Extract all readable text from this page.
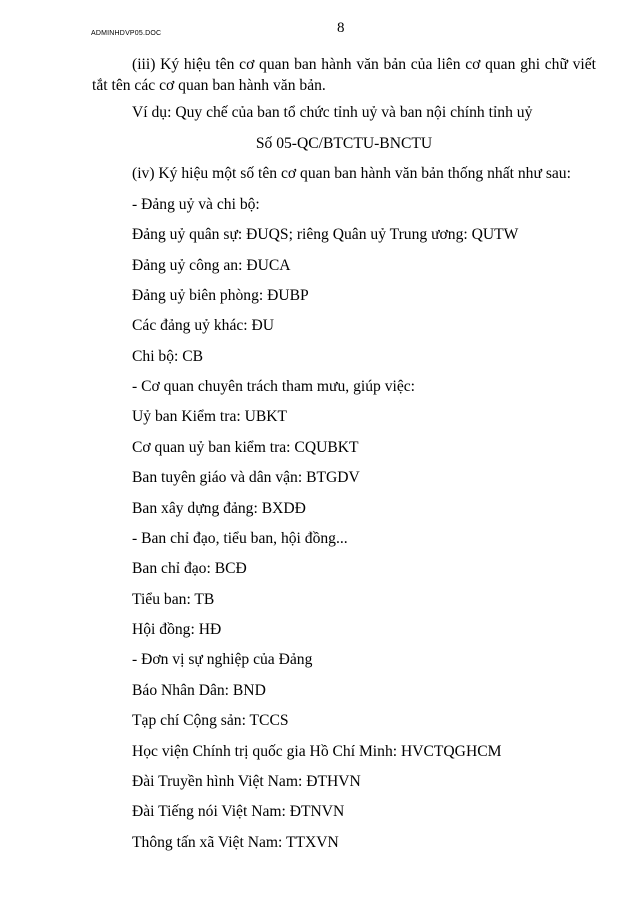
ADMINHDVP05.DOC	8

(iii) Ký hiệu tên cơ quan ban hành văn bản của liên cơ quan ghi chữ viết tắt tên các cơ quan ban hành văn bản.

Ví dụ: Quy chế của ban tổ chức tỉnh uỷ và ban nội chính tỉnh uỷ
Số 05-QC/BTCTU-BNCTU
(iv) Ký hiệu một số tên cơ quan ban hành văn bản thống nhất như sau:
- Đảng uỷ và chi bộ:
Đảng uỷ quân sự: ĐUQS; riêng Quân uỷ Trung ương: QUTW
Đảng uỷ công an: ĐUCA
Đảng uỷ biên phòng: ĐUBP
Các đảng uỷ khác: ĐU
Chi bộ: CB
- Cơ quan chuyên trách tham mưu, giúp việc:
Uỷ ban Kiểm tra: UBKT
Cơ quan uỷ ban kiểm tra: CQUBKT
Ban tuyên giáo và dân vận: BTGDV
Ban xây dựng đảng: BXDĐ
- Ban chỉ đạo, tiểu ban, hội đồng...
Ban chỉ đạo: BCĐ
Tiểu ban: TB
Hội đồng: HĐ
- Đơn vị sự nghiệp của Đảng
Báo Nhân Dân: BND
Tạp chí Cộng sản: TCCS
Học viện Chính trị quốc gia Hồ Chí Minh: HVCTQGHCM
Đài Truyền hình Việt Nam: ĐTHVN
Đài Tiếng nói Việt Nam: ĐTNVN
Thông tấn xã Việt Nam: TTXVN
